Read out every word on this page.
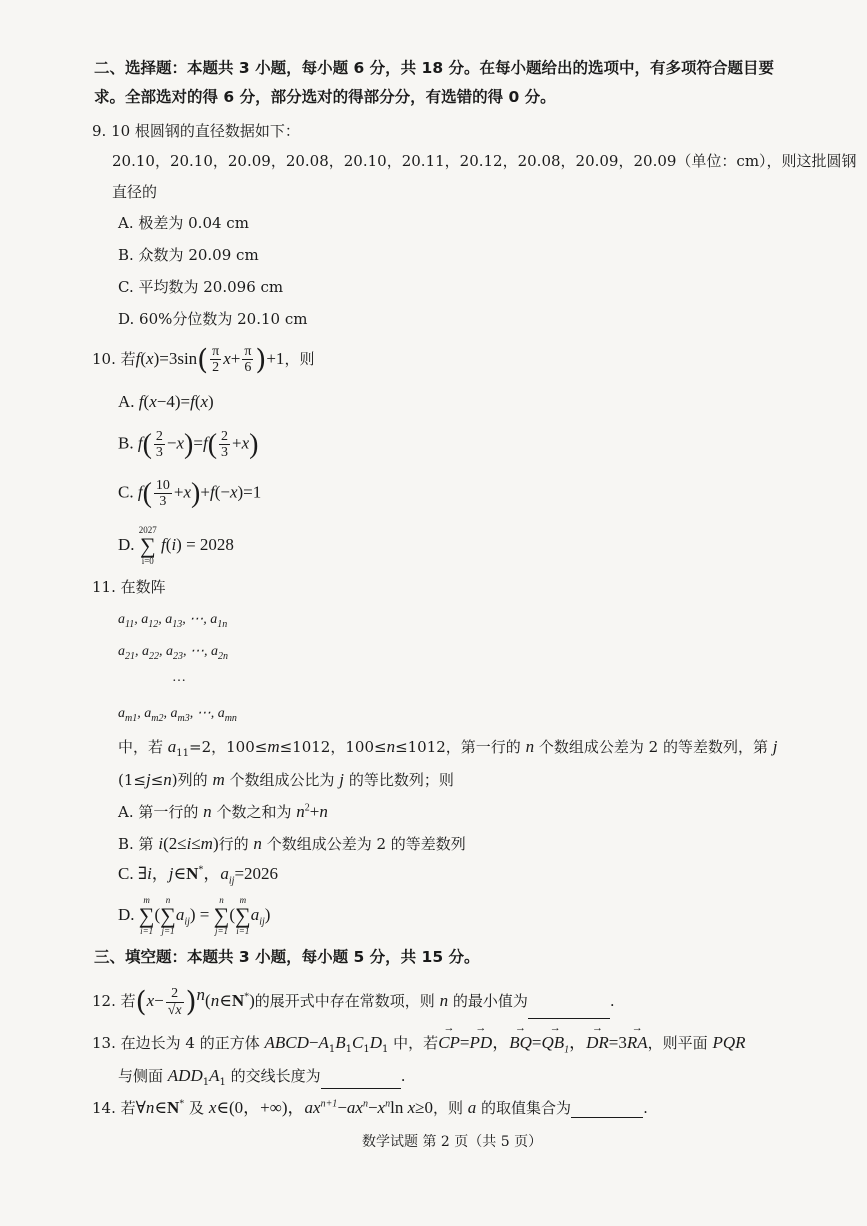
二、选择题：本题共 3 小题，每小题 6 分，共 18 分。在每小题给出的选项中，有多项符合题目要
求。全部选对的得 6 分，部分选对的得部分分，有选错的得 0 分。
9. 10 根圆钢的直径数据如下：
20.10，20.10，20.09，20.08，20.10，20.11，20.12，20.08，20.09，20.09（单位：cm），则这批圆钢
直径的
A. 极差为 0.04 cm
B. 众数为 20.09 cm
C. 平均数为 20.096 cm
D. 60%分位数为 20.10 cm
10. 若$f(x)=3\sin( \frac{\pi}{2} x+ \frac{\pi}{6} )+1$，则
A. f(x−4)=f(x)
B. $f( \frac{2}{3} -x)=f( \frac{2}{3} +x)$
C. $f( \frac{10}{3} +x)+f(-x)=1$
D.
2027
∑
i=0
f(i) = 2028
11. 在数阵
$a_{11}$, $a_{12}$, $a_{13}$, ⋯, $a_{1n}$
$a_{21}$, $a_{22}$, $a_{23}$, ⋯, $a_{2n}$
…
$a_{m1}$, $a_{m2}$, $a_{m3}$, ⋯, $a_{mn}$
中，若 $a_{11}=2$，100≤m≤1012，100≤n≤1012，第一行的 n 个数组成公差为 2 的等差数列，第 j
(1≤j≤n)列的 m 个数组成公比为 j 的等比数列；则
A. 第一行的 n 个数之和为 $n^2+n$
B. 第 i(2≤i≤m)行的 n 个数组成公差为 2 的等差数列
C. ∃i，j∈N*，$a_{ij}=2026$
D.
m
∑
i=1
(
n
∑
j=1
$a_{ij}$) =
n
∑
j=1
(
m
∑
i=1
$a_{ij}$)
三、填空题：本题共 3 小题，每小题 5 分，共 15 分。
12. 若($x- \frac{2}{√x}$ )$^n(n\in N^*)$的展开式中存在常数项，则 n 的最小值为	.
13. 在边长为 4 的正方体 $ABCD-A_1B_1C_1D_1$ 中，若→ CP=→ PD，→ $BQ=\to QB_1$，→ DR=3→ RA，则平面 PQR
与侧面 $ADD_1A_1$ 的交线长度为	.
14. 若∀n∈N* 及 x∈(0，+∞)，$ax^{n+1}-ax^n-x^n\ln$ x≥0，则 a 的取值集合为	.
数学试题 第 2 页（共 5 页）
